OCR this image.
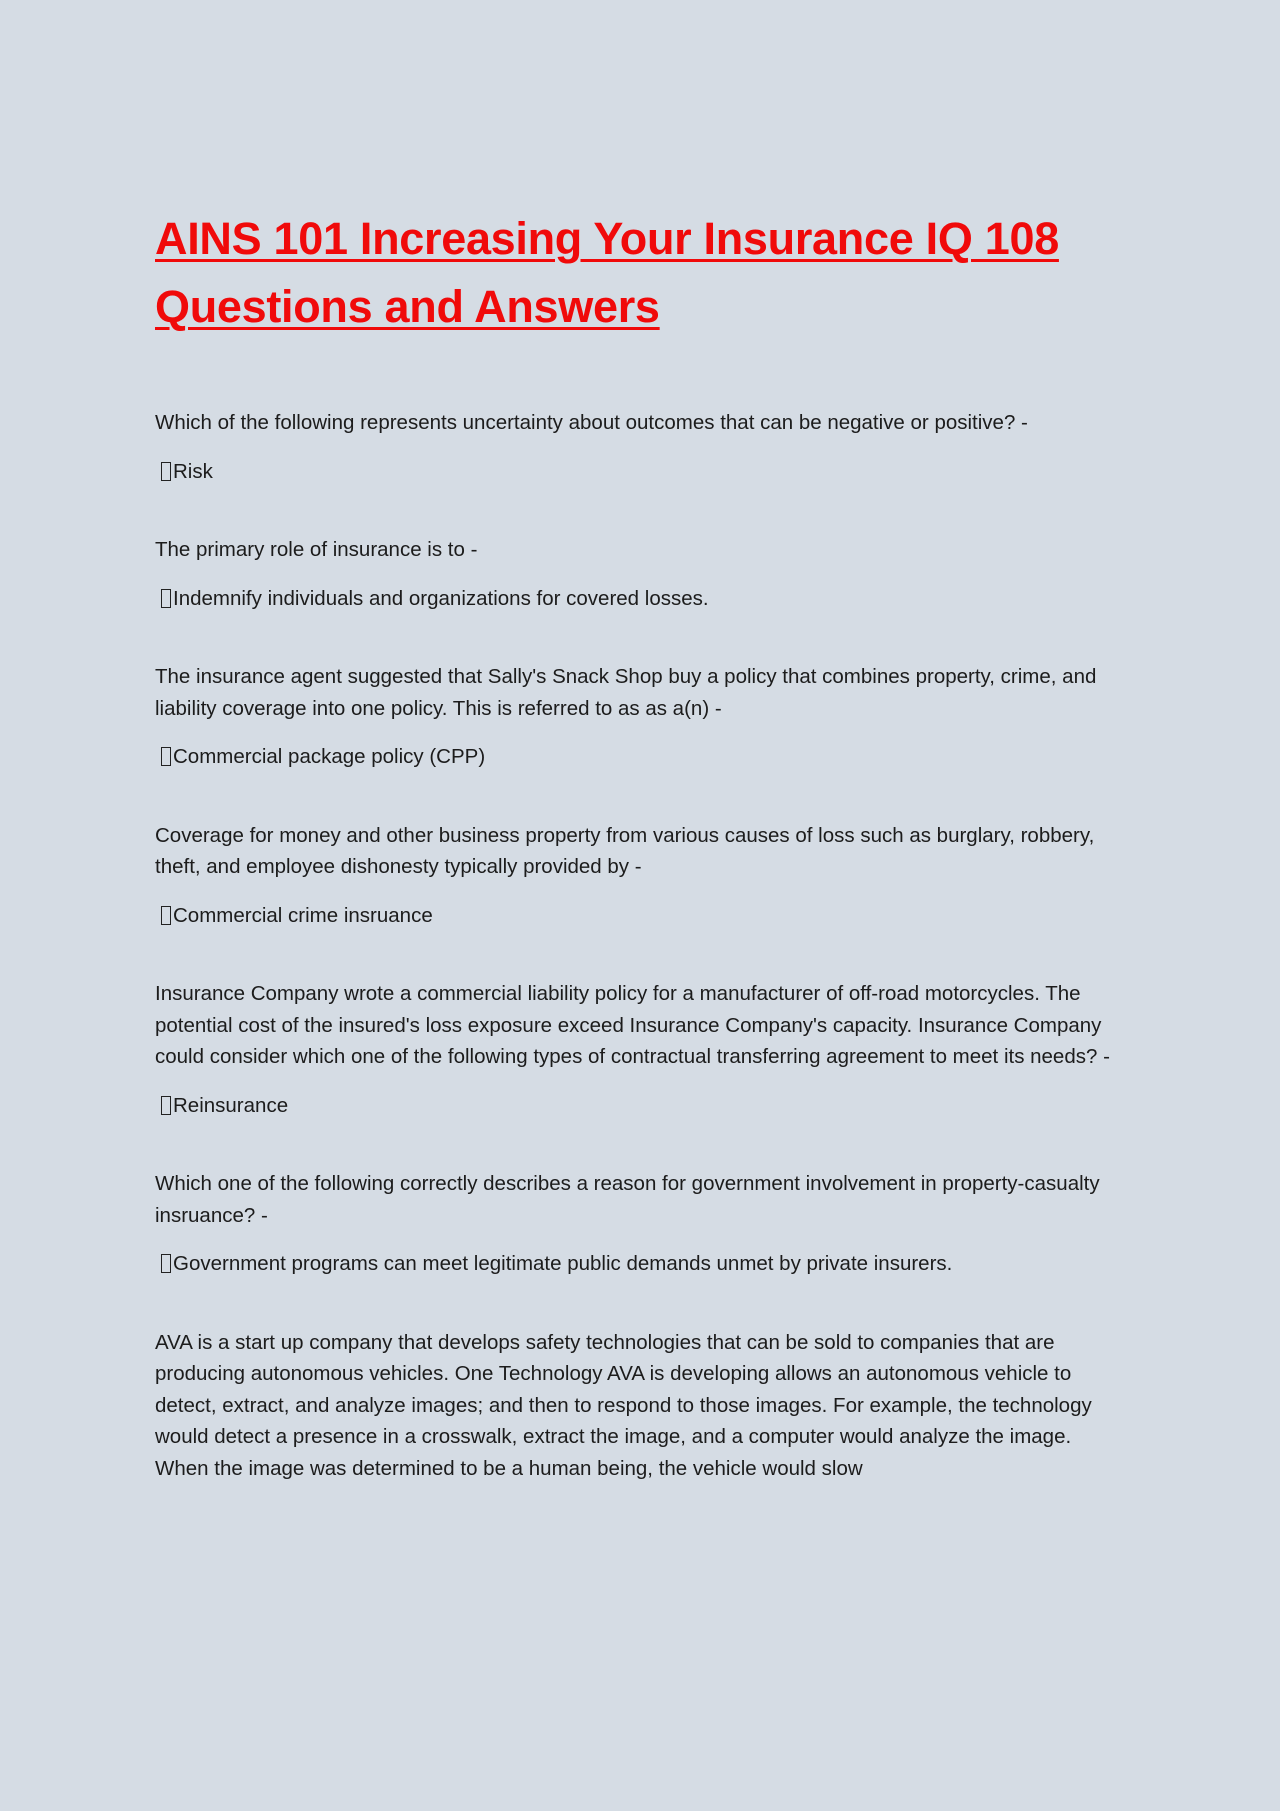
AINS 101 Increasing Your Insurance IQ 108 Questions and Answers

Which of the following represents uncertainty about outcomes that can be negative or positive? -

Risk

The primary role of insurance is to -

Indemnify individuals and organizations for covered losses.

The insurance agent suggested that Sally's Snack Shop buy a policy that combines property, crime, and liability coverage into one policy. This is referred to as as a(n) -

Commercial package policy (CPP)

Coverage for money and other business property from various causes of loss such as burglary, robbery, theft, and employee dishonesty typically provided by -

Commercial crime insruance

Insurance Company wrote a commercial liability policy for a manufacturer of off-road motorcycles. The potential cost of the insured's loss exposure exceed Insurance Company's capacity. Insurance Company could consider which one of the following types of contractual transferring agreement to meet its needs? -

Reinsurance

Which one of the following correctly describes a reason for government involvement in property-casualty insruance? -

Government programs can meet legitimate public demands unmet by private insurers.

AVA is a start up company that develops safety technologies that can be sold to companies that are producing autonomous vehicles. One Technology AVA is developing allows an autonomous vehicle to detect, extract, and analyze images; and then to respond to those images. For example, the technology would detect a presence in a crosswalk, extract the image, and a computer would analyze the image. When the image was determined to be a human being, the vehicle would slow
